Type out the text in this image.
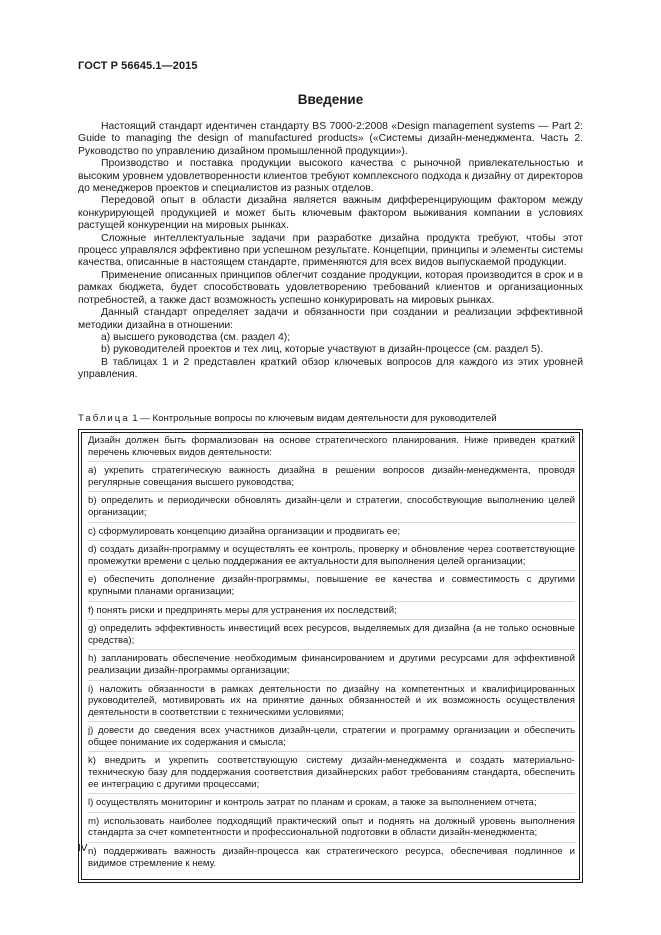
ГОСТ Р 56645.1—2015
Введение

Настоящий стандарт идентичен стандарту BS 7000-2:2008 «Design management systems — Part 2: Guide to managing the design of manufactured products» («Системы дизайн-менеджмента. Часть 2. Руководство по управлению дизайном промышленной продукции»).

Производство и поставка продукции высокого качества с рыночной привлекательностью и высоким уровнем удовлетворенности клиентов требуют комплексного подхода к дизайну от директоров до менеджеров проектов и специалистов из разных отделов.

Передовой опыт в области дизайна является важным дифференцирующим фактором между конкурирующей продукцией и может быть ключевым фактором выживания компании в условиях растущей конкуренции на мировых рынках.

Сложные интеллектуальные задачи при разработке дизайна продукта требуют, чтобы этот процесс управлялся эффективно при успешном результате. Концепции, принципы и элементы системы качества, описанные в настоящем стандарте, применяются для всех видов выпускаемой продукции.

Применение описанных принципов облегчит создание продукции, которая производится в срок и в рамках бюджета, будет способствовать удовлетворению требований клиентов и организационных потребностей, а также даст возможность успешно конкурировать на мировых рынках.

Данный стандарт определяет задачи и обязанности при создании и реализации эффективной методики дизайна в отношении:

a) высшего руководства (см. раздел 4);

b) руководителей проектов и тех лиц, которые участвуют в дизайн-процессе (см. раздел 5).

В таблицах 1 и 2 представлен краткий обзор ключевых вопросов для каждого из этих уровней управления.

Таблица 1 — Контрольные вопросы по ключевым видам деятельности для руководителей
Дизайн должен быть формализован на основе стратегического планирования. Ниже приведен краткий перечень ключевых видов деятельности:
a) укрепить стратегическую важность дизайна в решении вопросов дизайн-менеджмента, проводя регулярные совещания высшего руководства;
b) определить и периодически обновлять дизайн-цели и стратегии, способствующие выполнению целей организации;
c) сформулировать концепцию дизайна организации и продвигать ее;
d) создать дизайн-программу и осуществлять ее контроль, проверку и обновление через соответствующие промежутки времени с целью поддержания ее актуальности для выполнения целей организации;
e) обеспечить дополнение дизайн-программы, повышение ее качества и совместимость с другими крупными планами организации;
f) понять риски и предпринять меры для устранения их последствий;
g) определить эффективность инвестиций всех ресурсов, выделяемых для дизайна (а не только основные средства);
h) запланировать обеспечение необходимым финансированием и другими ресурсами для эффективной реализации дизайн-программы организации;
i) наложить обязанности в рамках деятельности по дизайну на компетентных и квалифицированных руководителей, мотивировать их на принятие данных обязанностей и их возможность осуществления деятельности в соответствии с техническими условиями;
j) довести до сведения всех участников дизайн-цели, стратегии и программу организации и обеспечить общее понимание их содержания и смысла;
k) внедрить и укрепить соответствующую систему дизайн-менеджмента и создать материально-техническую базу для поддержания соответствия дизайнерских работ требованиям стандарта, обеспечить ее интеграцию с другими процессами;
l) осуществлять мониторинг и контроль затрат по планам и срокам, а также за выполнением отчета;
m) использовать наиболее подходящий практический опыт и поднять на должный уровень выполнения стандарта за счет компетентности и профессиональной подготовки в области дизайн-менеджмента;
n) поддерживать важность дизайн-процесса как стратегического ресурса, обеспечивая подлинное и видимое стремление к нему.
IV
